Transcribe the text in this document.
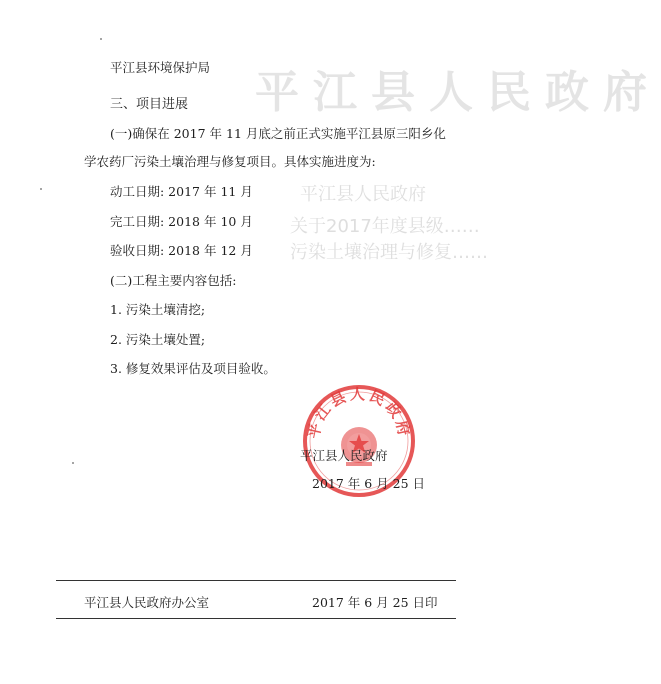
平江县人民政府
平江县人民政府
关于2017年度县级……
污染土壤治理与修复……
平江县环境保护局
三、项目进展
(一)确保在 2017 年 11 月底之前正式实施平江县原三阳乡化
学农药厂污染土壤治理与修复项目。具体实施进度为:
动工日期: 2017 年 11 月
完工日期: 2018 年 10 月
验收日期: 2018 年 12 月
(二)工程主要内容包括:
1. 污染土壤清挖;
2. 污染土壤处置;
3. 修复效果评估及项目验收。
平江县人民政府
平江县人民政府
2017 年 6 月 25 日
平江县人民政府办公室	2017 年 6 月 25 日印
